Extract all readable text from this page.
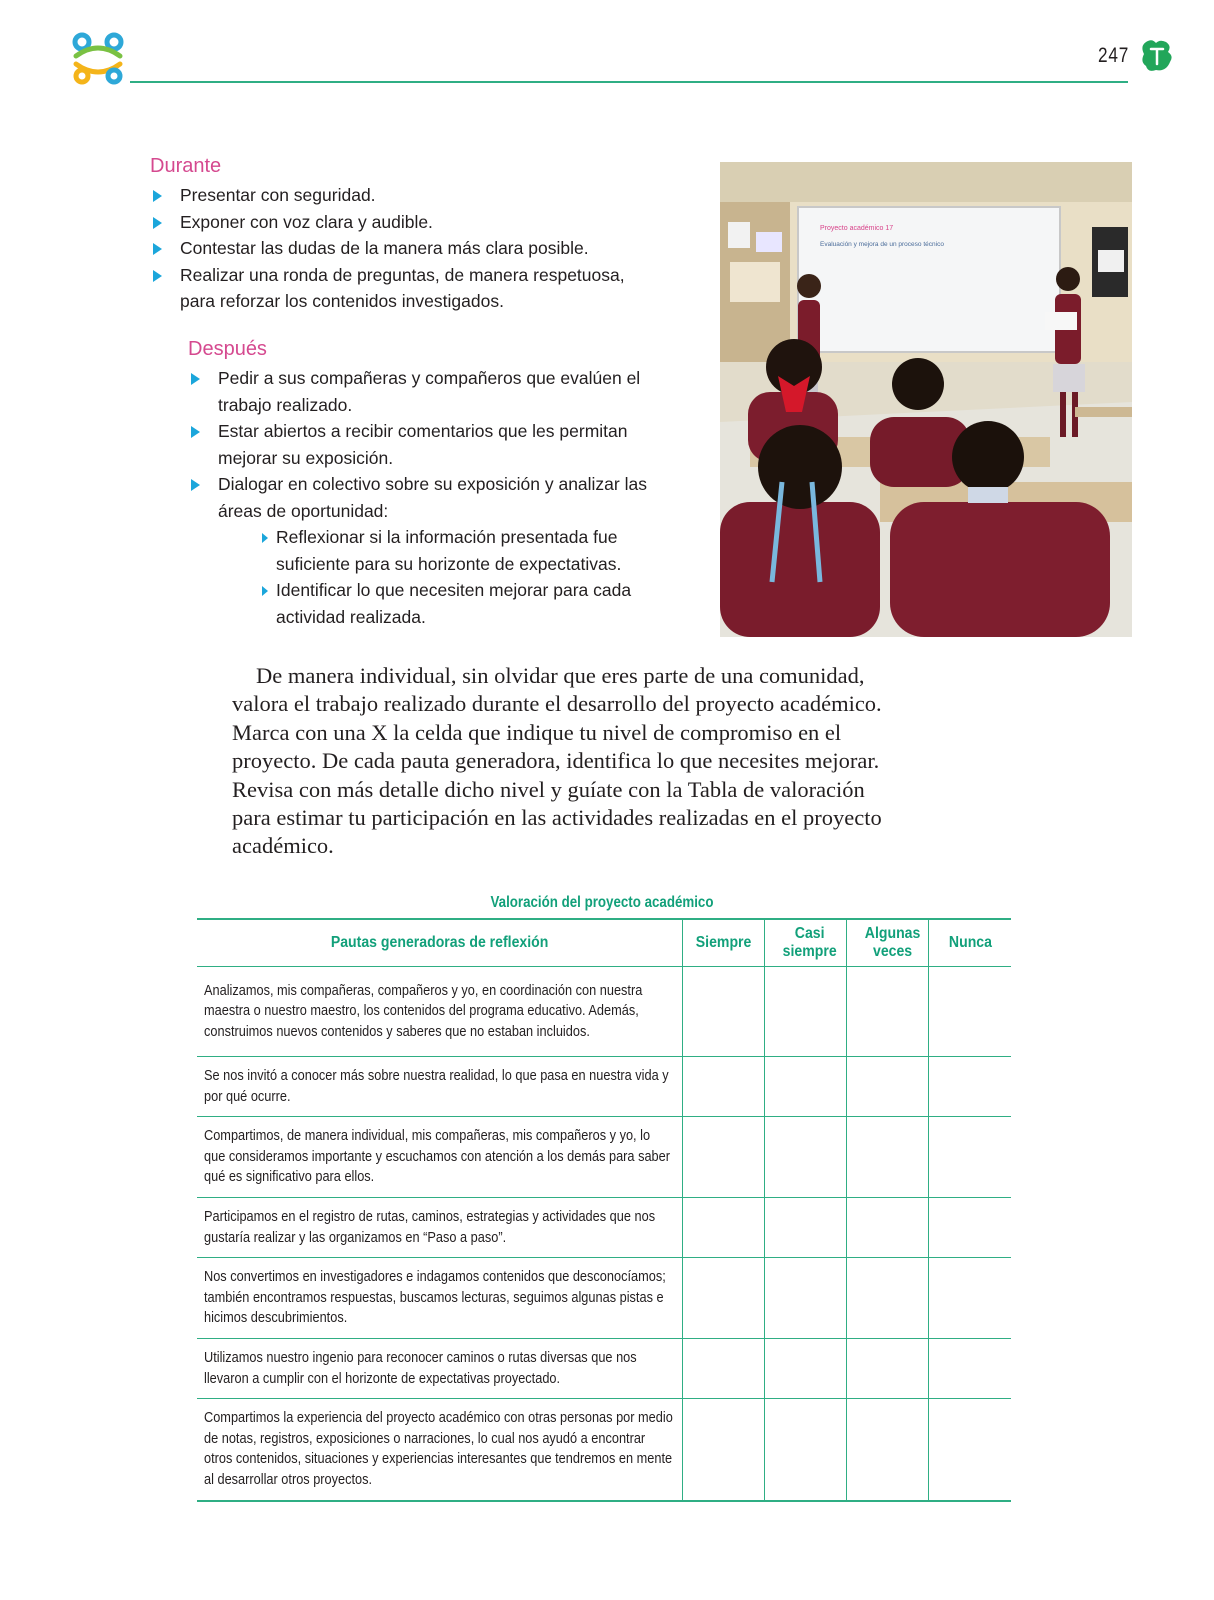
247
Durante
Presentar con seguridad.
Exponer con voz clara y audible.
Contestar las dudas de la manera más clara posible.
Realizar una ronda de preguntas, de manera respetuosa, para reforzar los contenidos investigados.
Después
Pedir a sus compañeras y compañeros que evalúen el trabajo realizado.
Estar abiertos a recibir comentarios que les permitan mejorar su exposición.
Dialogar en colectivo sobre su exposición y analizar las áreas de oportunidad:
Reflexionar si la información presentada fue suficiente para su horizonte de expectativas.
Identificar lo que necesiten mejorar para cada actividad realizada.
Proyecto académico 17
Evaluación y mejora de un proceso técnico

De manera individual, sin olvidar que eres parte de una comunidad, valora el trabajo realizado durante el desarrollo del proyecto académico. Marca con una X la celda que indique tu nivel de compromiso en el proyecto. De cada pauta generadora, identifica lo que necesites mejorar. Revisa con más detalle dicho nivel y guíate con la Tabla de valoración para estimar tu participación en las actividades realizadas en el proyecto académico.

Valoración del proyecto académico
Pautas generadoras de reflexión	Siempre	Casi siempre	Algunas veces	Nunca
Analizamos, mis compañeras, compañeros y yo, en coordinación con nuestra maestra o nuestro maestro, los contenidos del programa educativo. Además, construimos nuevos contenidos y saberes que no estaban incluidos.				
Se nos invitó a conocer más sobre nuestra realidad, lo que pasa en nuestra vida y por qué ocurre.				
Compartimos, de manera individual, mis compañeras, mis compañeros y yo, lo que consideramos importante y escuchamos con atención a los demás para saber qué es significativo para ellos.				
Participamos en el registro de rutas, caminos, estrategias y actividades que nos gustaría realizar y las organizamos en “Paso a paso”.				
Nos convertimos en investigadores e indagamos contenidos que desconocíamos; también encontramos respuestas, buscamos lecturas, seguimos algunas pistas e hicimos descubrimientos.				
Utilizamos nuestro ingenio para reconocer caminos o rutas diversas que nos llevaron a cumplir con el horizonte de expectativas proyectado.				
Compartimos la experiencia del proyecto académico con otras personas por medio de notas, registros, exposiciones o narraciones, lo cual nos ayudó a encontrar otros contenidos, situaciones y experiencias interesantes que tendremos en mente al desarrollar otros proyectos.				
